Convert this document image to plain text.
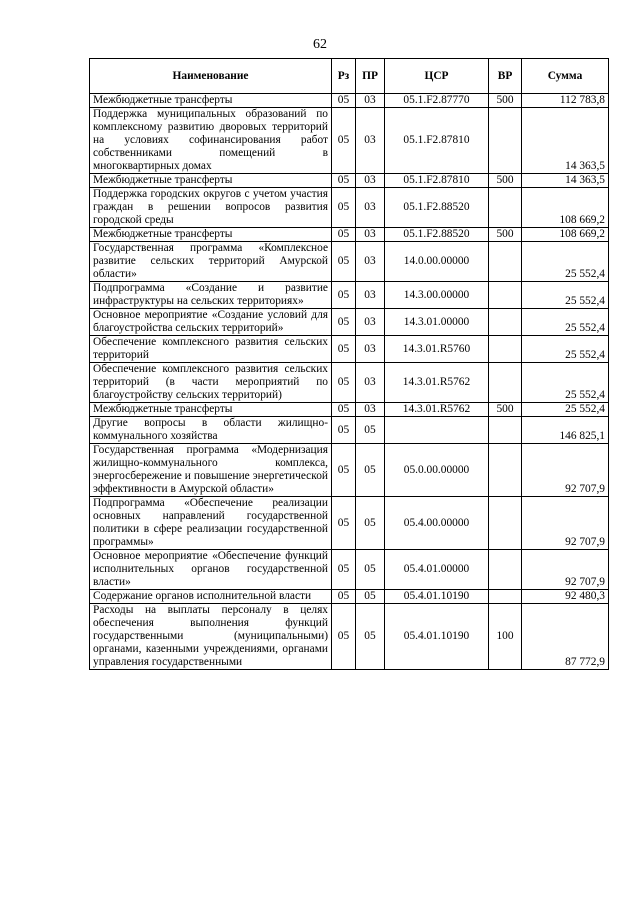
62
Наименование	Рз	ПР	ЦСР	ВР	Сумма
Межбюджетные трансферты	05	03	05.1.F2.87770	500	112 783,8
Поддержка муниципальных образований по комплексному развитию дворовых территорий на условиях софинансирования работ собственниками помещений в многоквартирных домах	05	03	05.1.F2.87810		14 363,5
Межбюджетные трансферты	05	03	05.1.F2.87810	500	14 363,5
Поддержка городских округов с учетом участия граждан в решении вопросов развития городской среды	05	03	05.1.F2.88520		108 669,2
Межбюджетные трансферты	05	03	05.1.F2.88520	500	108 669,2
Государственная программа «Комплексное развитие сельских территорий Амурской области»	05	03	14.0.00.00000		25 552,4
Подпрограмма «Создание и развитие инфраструктуры на сельских территориях»	05	03	14.3.00.00000		25 552,4
Основное мероприятие «Создание условий для благоустройства сельских территорий»	05	03	14.3.01.00000		25 552,4
Обеспечение комплексного развития сельских территорий	05	03	14.3.01.R5760		25 552,4
Обеспечение комплексного развития сельских территорий (в части мероприятий по благоустройству сельских территорий)	05	03	14.3.01.R5762		25 552,4
Межбюджетные трансферты	05	03	14.3.01.R5762	500	25 552,4
Другие вопросы в области жилищно-коммунального хозяйства	05	05			146 825,1
Государственная программа «Модернизация жилищно-коммунального комплекса, энергосбережение и повышение энергетической эффективности в Амурской области»	05	05	05.0.00.00000		92 707,9
Подпрограмма «Обеспечение реализации основных направлений государственной политики в сфере реализации государственной программы»	05	05	05.4.00.00000		92 707,9
Основное мероприятие «Обеспечение функций исполнительных органов государственной власти»	05	05	05.4.01.00000		92 707,9
Содержание органов исполнительной власти	05	05	05.4.01.10190		92 480,3
Расходы на выплаты персоналу в целях обеспечения выполнения функций государственными (муниципальными) органами, казенными учреждениями, органами управления государственными	05	05	05.4.01.10190	100	87 772,9
